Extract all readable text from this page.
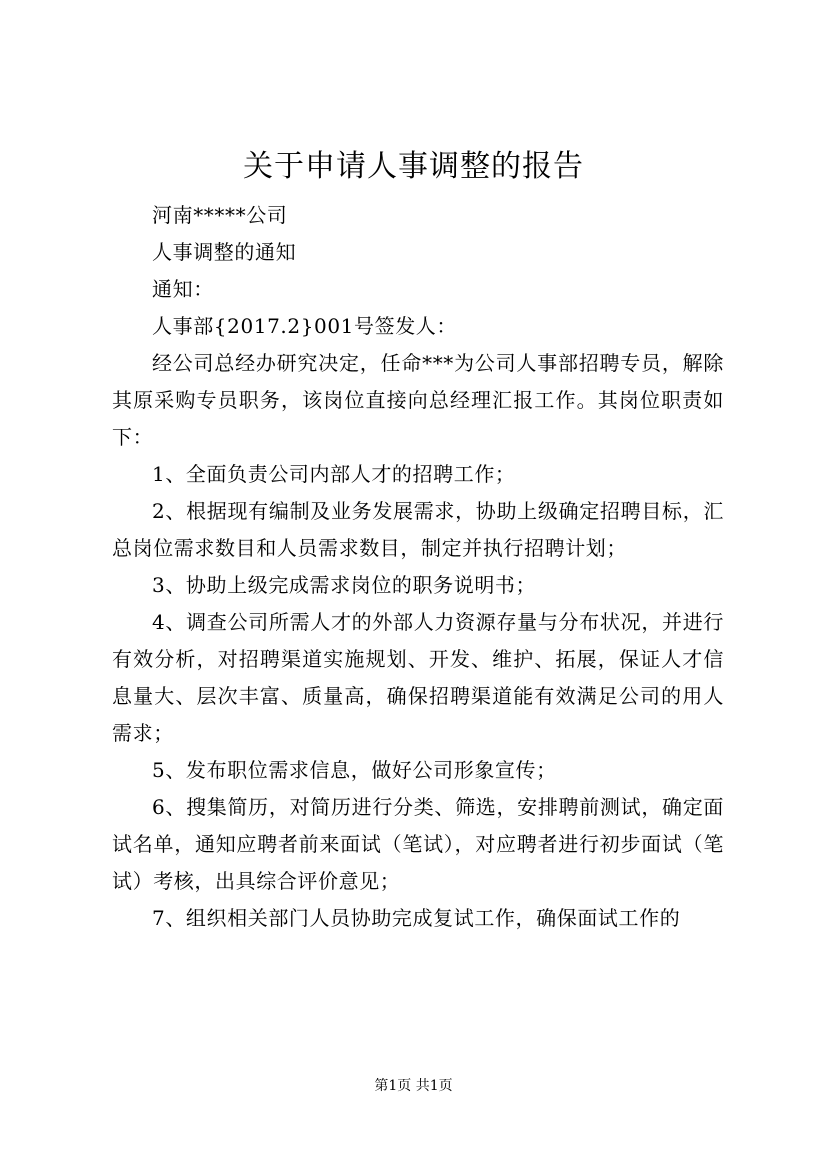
关于申请人事调整的报告

河南*****公司

人事调整的通知

通知：

人事部{2017.2}001号签发人：

经公司总经办研究决定，任命***为公司人事部招聘专员，解除其原采购专员职务，该岗位直接向总经理汇报工作。其岗位职责如下：

1、全面负责公司内部人才的招聘工作；

2、根据现有编制及业务发展需求，协助上级确定招聘目标，汇总岗位需求数目和人员需求数目，制定并执行招聘计划；

3、协助上级完成需求岗位的职务说明书；

4、调查公司所需人才的外部人力资源存量与分布状况，并进行有效分析，对招聘渠道实施规划、开发、维护、拓展，保证人才信息量大、层次丰富、质量高，确保招聘渠道能有效满足公司的用人需求；

5、发布职位需求信息，做好公司形象宣传；

6、搜集简历，对简历进行分类、筛选，安排聘前测试，确定面试名单，通知应聘者前来面试（笔试），对应聘者进行初步面试（笔试）考核，出具综合评价意见；

7、组织相关部门人员协助完成复试工作，确保面试工作的

第1页 共1页
